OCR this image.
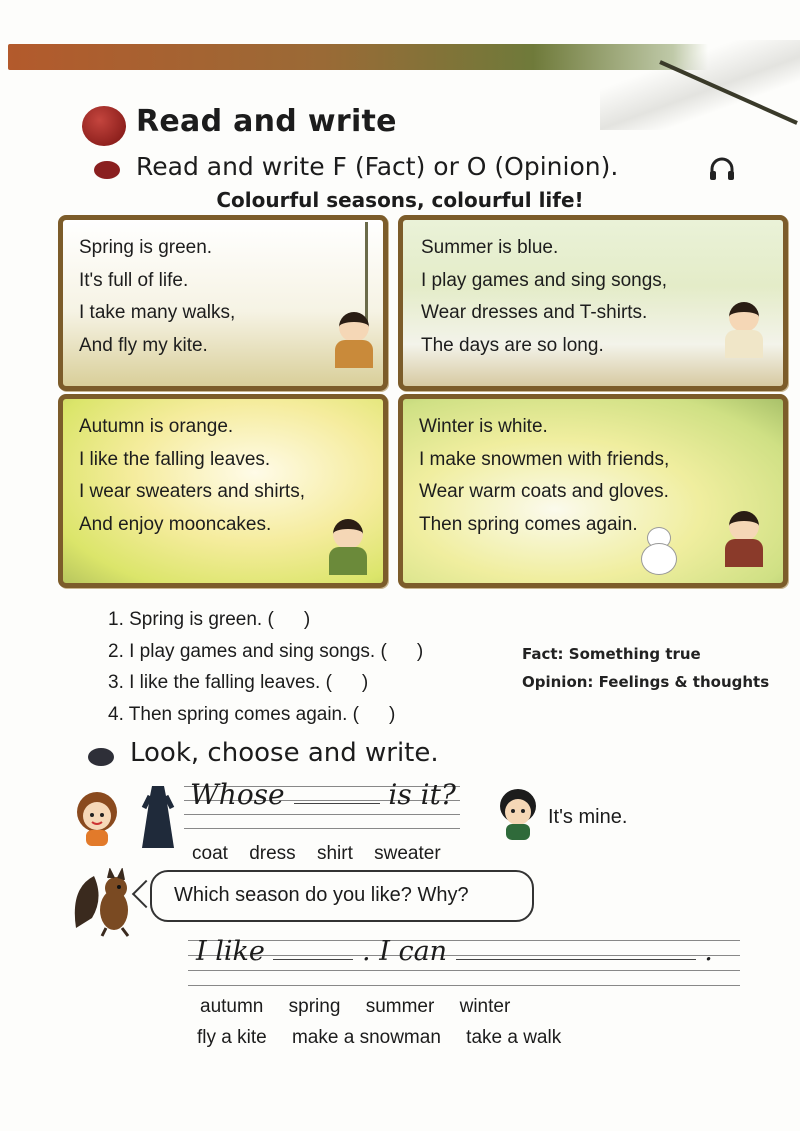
Read and write
Read and write F (Fact) or O (Opinion).
Colourful seasons, colourful life!
Spring is green.
It's full of life.
I take many walks,
And fly my kite.
Summer is blue.
I play games and sing songs,
Wear dresses and T-shirts.
The days are so long.
Autumn is orange.
I like the falling leaves.
I wear sweaters and shirts,
And enjoy mooncakes.
Winter is white.
I make snowmen with friends,
Wear warm coats and gloves.
Then spring comes again.
1. Spring is green. ( )
2. I play games and sing songs. ( )
3. I like the falling leaves. ( )
4. Then spring comes again. ( )
Fact: Something true
Opinion: Feelings & thoughts
Look, choose and write.
Whose	is it?
It's mine.
coat dress shirt sweater
Which season do you like? Why?
I like	. I can	.
autumn spring summer winter
fly a kite make a snowman take a walk
